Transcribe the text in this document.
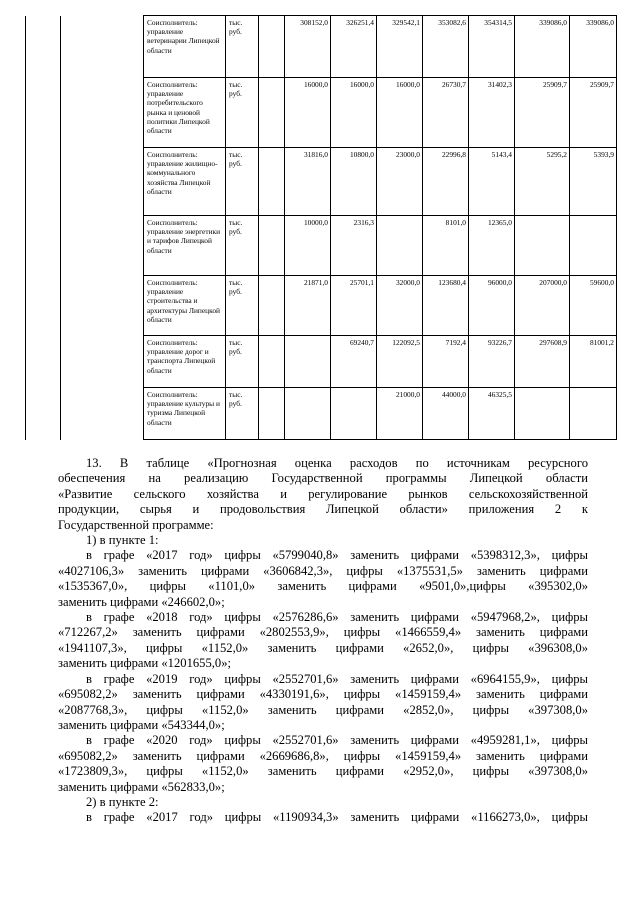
		Соисполнитель: управление ветеринарии Липецкой области	тыс. руб.		308152,0	326251,4	329542,1	353082,6	354314,5	339086,0	339086,0
		Соисполнитель: управление потребительского рынка и ценовой политики Липецкой области	тыс. руб.		16000,0	16000,0	16000,0	26730,7	31402,3	25909,7	25909,7
		Соисполнитель: управление жилищно-коммунального хозяйства Липецкой области	тыс. руб.		31816,0	10800,0	23000,0	22996,8	5143,4	5295,2	5393,9
		Соисполнитель: управление энергетики и тарифов Липецкой области	тыс. руб.		10000,0	2316,3		8101,0	12365,0		
		Соисполнитель: управление строительства и архитектуры Липецкой области	тыс. руб.		21871,0	25701,1	32000,0	123680,4	96000,0	207000,0	59600,0
		Соисполнитель: управление дорог и транспорта Липецкой области	тыс. руб.			69240,7	122092,5	7192,4	93226,7	297608,9	81001,2
		Соисполнитель: управление культуры и туризма Липецкой области	тыс. руб.				21000,0	44000,0	46325,5		
13. В таблице «Прогнозная оценка расходов по источникам ресурсного
обеспечения на реализацию Государственной программы Липецкой области
«Развитие сельского хозяйства и регулирование рынков сельскохозяйственной
продукции, сырья и продовольствия Липецкой области» приложения 2 к
Государственной программе:
1) в пункте 1:
в графе «2017 год» цифры «5799040,8» заменить цифрами «5398312,3», цифры
«4027106,3» заменить цифрами «3606842,3», цифры «1375531,5» заменить цифрами
«1535367,0», цифры «1101,0» заменить цифрами «9501,0»,цифры «395302,0»
заменить цифрами «246602,0»;
в графе «2018 год» цифры «2576286,6» заменить цифрами «5947968,2», цифры
«712267,2» заменить цифрами «2802553,9», цифры «1466559,4» заменить цифрами
«1941107,3», цифры «1152,0» заменить цифрами «2652,0», цифры «396308,0»
заменить цифрами «1201655,0»;
в графе «2019 год» цифры «2552701,6» заменить цифрами «6964155,9», цифры
«695082,2» заменить цифрами «4330191,6», цифры «1459159,4» заменить цифрами
«2087768,3», цифры «1152,0» заменить цифрами «2852,0», цифры «397308,0»
заменить цифрами «543344,0»;
в графе «2020 год» цифры «2552701,6» заменить цифрами «4959281,1», цифры
«695082,2» заменить цифрами «2669686,8», цифры «1459159,4» заменить цифрами
«1723809,3», цифры «1152,0» заменить цифрами «2952,0», цифры «397308,0»
заменить цифрами «562833,0»;
2) в пункте 2:
в графе «2017 год» цифры «1190934,3» заменить цифрами «1166273,0», цифры
